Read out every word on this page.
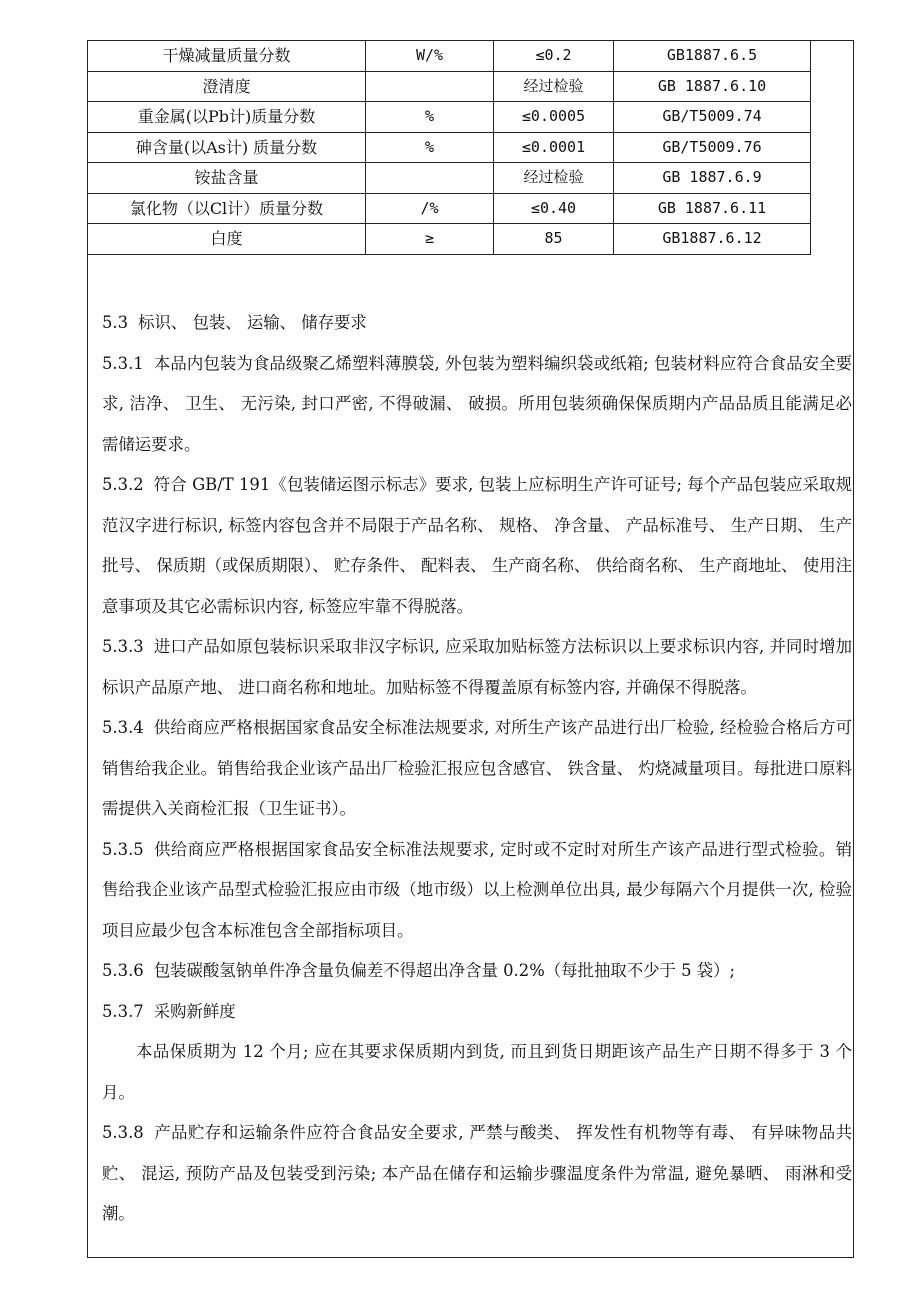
干燥减量质量分数	W/%	≤0.2	GB1887.6.5
澄清度		经过检验	GB 1887.6.10
重金属(以Pb计)质量分数	%	≤0.0005	GB/T5009.74
砷含量(以As计) 质量分数	%	≤0.0001	GB/T5009.76
铵盐含量		经过检验	GB 1887.6.9
氯化物（以Cl计）质量分数	/%	≤0.40	GB 1887.6.11
白度	≥	85	GB1887.6.12

5.3 标识、 包装、 运输、 储存要求

5.3.1 本品内包装为食品级聚乙烯塑料薄膜袋, 外包装为塑料编织袋或纸箱; 包装材料应符合食品安全要求, 洁净、 卫生、 无污染, 封口严密, 不得破漏、 破损。所用包装须确保保质期内产品品质且能满足必需储运要求。

5.3.2 符合 GB/T 191《包装储运图示标志》要求, 包装上应标明生产许可证号; 每个产品包装应采取规范汉字进行标识, 标签内容包含并不局限于产品名称、 规格、 净含量、 产品标准号、 生产日期、 生产批号、 保质期（或保质期限）、 贮存条件、 配料表、 生产商名称、 供给商名称、 生产商地址、 使用注意事项及其它必需标识内容, 标签应牢靠不得脱落。

5.3.3 进口产品如原包装标识采取非汉字标识, 应采取加贴标签方法标识以上要求标识内容, 并同时增加标识产品原产地、 进口商名称和地址。加贴标签不得覆盖原有标签内容, 并确保不得脱落。

5.3.4 供给商应严格根据国家食品安全标准法规要求, 对所生产该产品进行出厂检验, 经检验合格后方可销售给我企业。销售给我企业该产品出厂检验汇报应包含感官、 铁含量、 灼烧减量项目。每批进口原料需提供入关商检汇报（卫生证书）。

5.3.5 供给商应严格根据国家食品安全标准法规要求, 定时或不定时对所生产该产品进行型式检验。销售给我企业该产品型式检验汇报应由市级（地市级）以上检测单位出具, 最少每隔六个月提供一次, 检验项目应最少包含本标准包含全部指标项目。

5.3.6 包装碳酸氢钠单件净含量负偏差不得超出净含量 0.2%（每批抽取不少于 5 袋）;

5.3.7 采购新鲜度

本品保质期为 12 个月; 应在其要求保质期内到货, 而且到货日期距该产品生产日期不得多于 3 个月。

5.3.8 产品贮存和运输条件应符合食品安全要求, 严禁与酸类、 挥发性有机物等有毒、 有异味物品共贮、 混运, 预防产品及包装受到污染; 本产品在储存和运输步骤温度条件为常温, 避免暴晒、 雨淋和受潮。
